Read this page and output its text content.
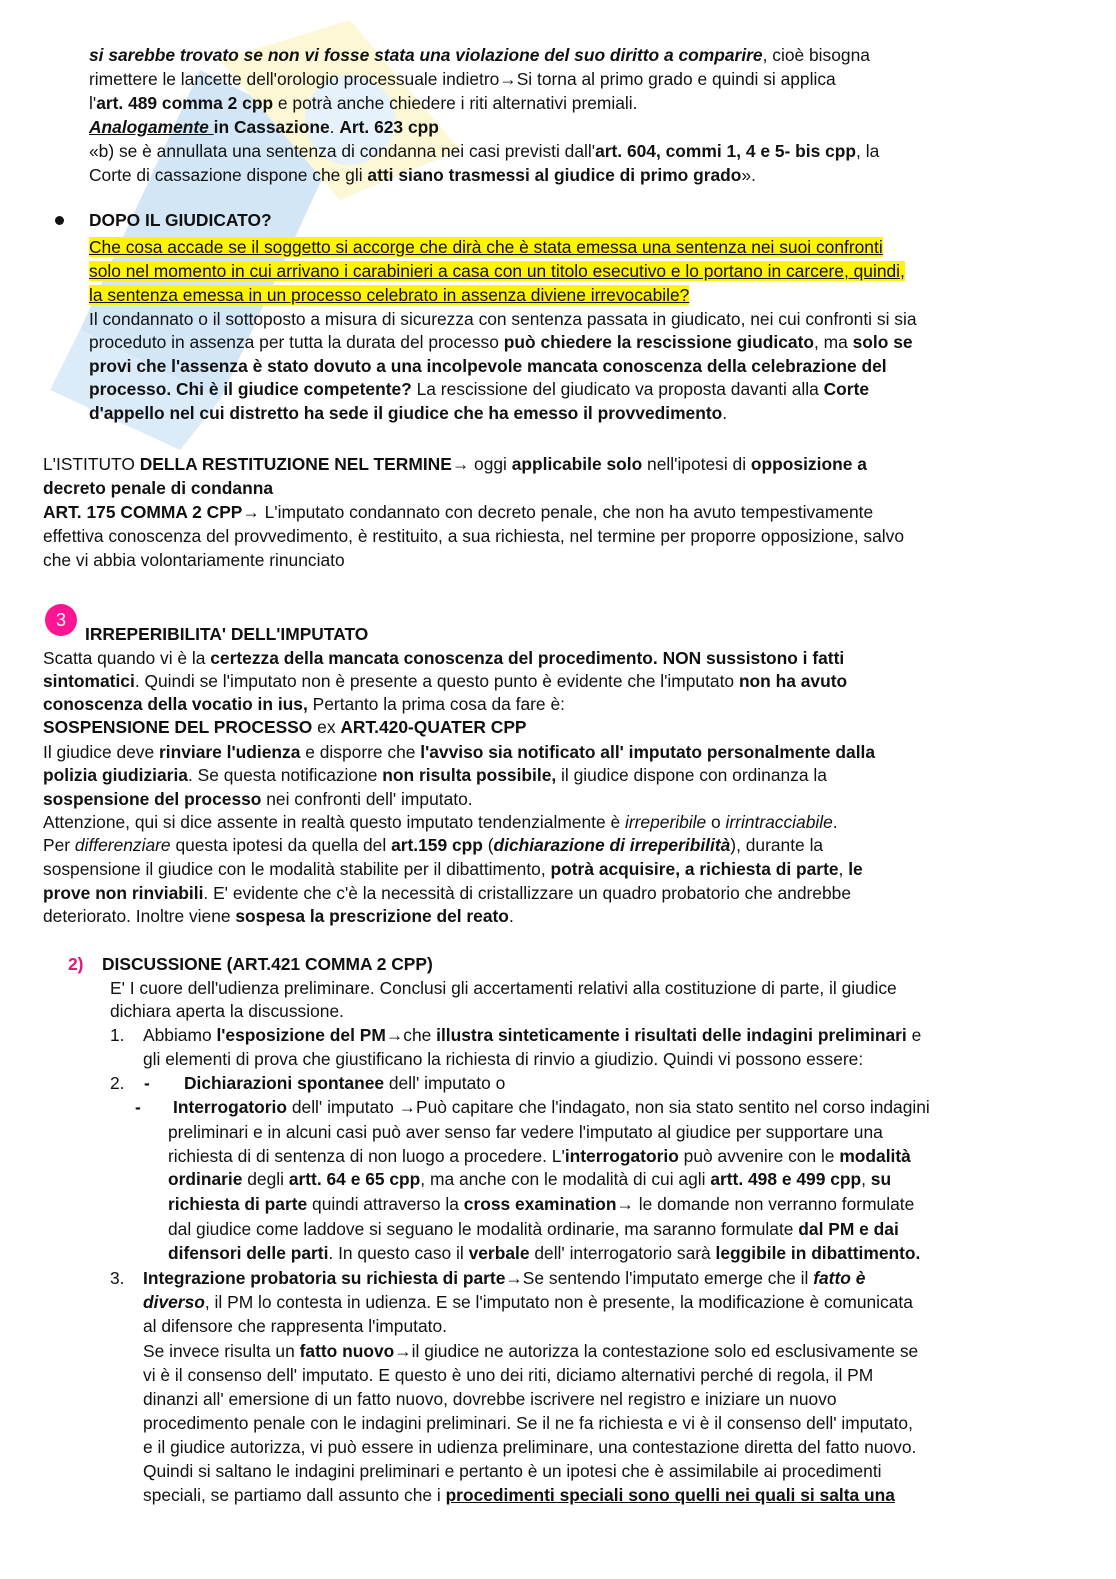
si sarebbe trovato se non vi fosse stata una violazione del suo diritto a comparire, cioè bisogna
rimettere le lancette dell'orologio processuale indietro→Si torna al primo grado e quindi si applica
l'art. 489 comma 2 cpp e potrà anche chiedere i riti alternativi premiali.
Analogamente in Cassazione. Art. 623 cpp
«b) se è annullata una sentenza di condanna nei casi previsti dall'art. 604, commi 1, 4 e 5- bis cpp, la
Corte di cassazione dispone che gli atti siano trasmessi al giudice di primo grado».
DOPO IL GIUDICATO?
Che cosa accade se il soggetto si accorge che dirà che è stata emessa una sentenza nei suoi confronti
solo nel momento in cui arrivano i carabinieri a casa con un titolo esecutivo e lo portano in carcere, quindi,
la sentenza emessa in un processo celebrato in assenza diviene irrevocabile?
Il condannato o il sottoposto a misura di sicurezza con sentenza passata in giudicato, nei cui confronti si sia
proceduto in assenza per tutta la durata del processo può chiedere la rescissione giudicato, ma solo se
provi che l'assenza è stato dovuto a una incolpevole mancata conoscenza della celebrazione del
processo. Chi è il giudice competente? La rescissione del giudicato va proposta davanti alla Corte
d'appello nel cui distretto ha sede il giudice che ha emesso il provvedimento.
L'ISTITUTO DELLA RESTITUZIONE NEL TERMINE→ oggi applicabile solo nell'ipotesi di opposizione a
decreto penale di condanna
ART. 175 COMMA 2 CPP→ L'imputato condannato con decreto penale, che non ha avuto tempestivamente
effettiva conoscenza del provvedimento, è restituito, a sua richiesta, nel termine per proporre opposizione, salvo
che vi abbia volontariamente rinunciato
3
IRREPERIBILITA' DELL'IMPUTATO
Scatta quando vi è la certezza della mancata conoscenza del procedimento. NON sussistono i fatti
sintomatici. Quindi se l'imputato non è presente a questo punto è evidente che l'imputato non ha avuto
conoscenza della vocatio in ius, Pertanto la prima cosa da fare è:
SOSPENSIONE DEL PROCESSO ex ART.420-QUATER CPP
Il giudice deve rinviare l'udienza e disporre che l'avviso sia notificato all' imputato personalmente dalla
polizia giudiziaria. Se questa notificazione non risulta possibile, il giudice dispone con ordinanza la
sospensione del processo nei confronti dell' imputato.
Attenzione, qui si dice assente in realtà questo imputato tendenzialmente è irreperibile o irrintracciabile.
Per differenziare questa ipotesi da quella del art.159 cpp (dichiarazione di irreperibilità), durante la
sospensione il giudice con le modalità stabilite per il dibattimento, potrà acquisire, a richiesta di parte, le
prove non rinviabili. E' evidente che c'è la necessità di cristallizzare un quadro probatorio che andrebbe
deteriorato. Inoltre viene sospesa la prescrizione del reato.
2) DISCUSSIONE (ART.421 COMMA 2 CPP)
E' I cuore dell'udienza preliminare. Conclusi gli accertamenti relativi alla costituzione di parte, il giudice
dichiara aperta la discussione.
1. Abbiamo l'esposizione del PM→che illustra sinteticamente i risultati delle indagini preliminari e
gli elementi di prova che giustificano la richiesta di rinvio a giudizio. Quindi vi possono essere:
2. - Dichiarazioni spontanee dell' imputato o
- Interrogatorio dell' imputato →Può capitare che l'indagato, non sia stato sentito nel corso indagini
preliminari e in alcuni casi può aver senso far vedere l'imputato al giudice per supportare una
richiesta di di sentenza di non luogo a procedere. L'interrogatorio può avvenire con le modalità
ordinarie degli artt. 64 e 65 cpp, ma anche con le modalità di cui agli artt. 498 e 499 cpp, su
richiesta di parte quindi attraverso la cross examination→ le domande non verranno formulate
dal giudice come laddove si seguano le modalità ordinarie, ma saranno formulate dal PM e dai
difensori delle parti. In questo caso il verbale dell' interrogatorio sarà leggibile in dibattimento.
3. Integrazione probatoria su richiesta di parte→Se sentendo l'imputato emerge che il fatto è
diverso, il PM lo contesta in udienza. E se l'imputato non è presente, la modificazione è comunicata
al difensore che rappresenta l'imputato.
Se invece risulta un fatto nuovo→il giudice ne autorizza la contestazione solo ed esclusivamente se
vi è il consenso dell' imputato. E questo è uno dei riti, diciamo alternativi perché di regola, il PM
dinanzi all' emersione di un fatto nuovo, dovrebbe iscrivere nel registro e iniziare un nuovo
procedimento penale con le indagini preliminari. Se il ne fa richiesta e vi è il consenso dell' imputato,
e il giudice autorizza, vi può essere in udienza preliminare, una contestazione diretta del fatto nuovo.
Quindi si saltano le indagini preliminari e pertanto è un ipotesi che è assimilabile ai procedimenti
speciali, se partiamo dall assunto che i procedimenti speciali sono quelli nei quali si salta una
